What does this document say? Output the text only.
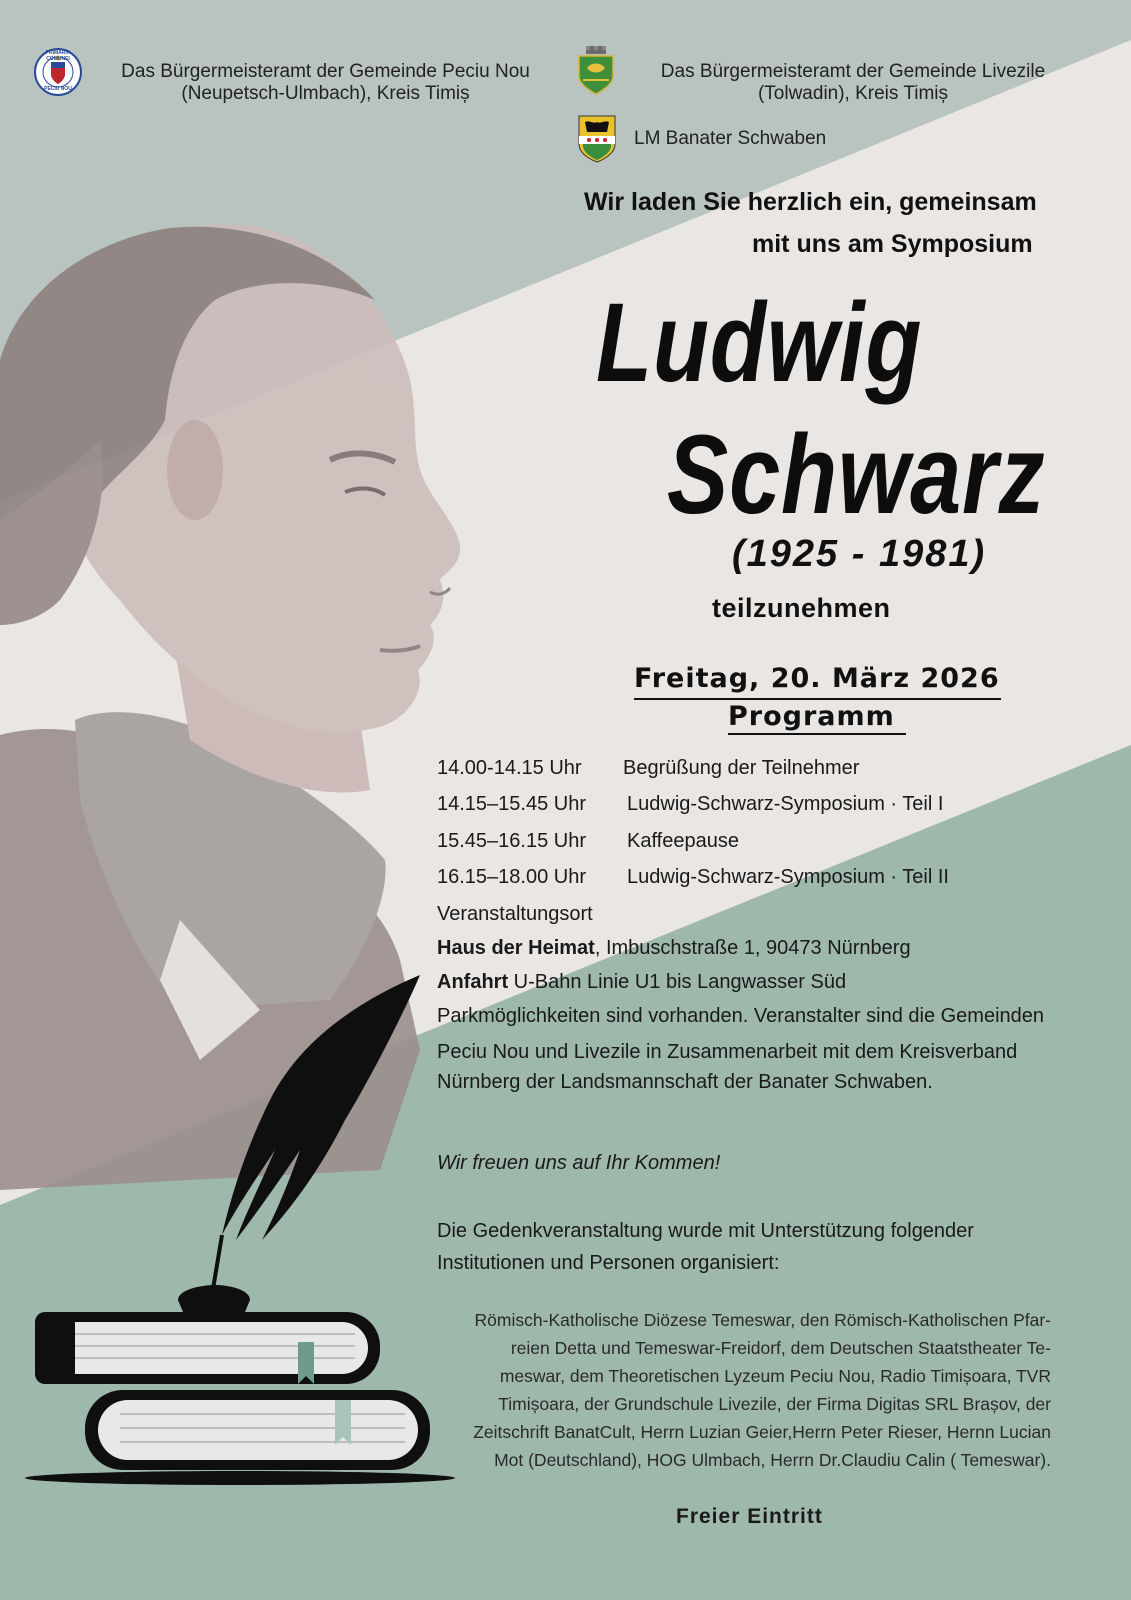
PRIMĂRIA COMUNEI
PECIU NOU
Das Bürgermeisteramt der Gemeinde Peciu Nou
(Neupetsch-Ulmbach), Kreis Timiș
Das Bürgermeisteramt der Gemeinde Livezile
(Tolwadin), Kreis Timiș
LM Banater Schwaben
Wir laden Sie herzlich ein, gemeinsam
mit uns am Symposium
Ludwig
Schwarz
(1925 - 1981)
teilzunehmen
Freitag, 20. März 2026
Programm
14.00-14.15 Uhr Begrüßung der Teilnehmer
14.15–15.45 Uhr Ludwig-Schwarz-Symposium · Teil I
15.45–16.15 Uhr Kaffeepause
16.15–18.00 Uhr Ludwig-Schwarz-Symposium · Teil II
Veranstaltungsort
Haus der Heimat, Imbuschstraße 1, 90473 Nürnberg
Anfahrt U-Bahn Linie U1 bis Langwasser Süd
Parkmöglichkeiten sind vorhanden. Veranstalter sind die Gemeinden
Peciu Nou und Livezile in Zusammenarbeit mit dem Kreisverband
Nürnberg der Landsmannschaft der Banater Schwaben.
Wir freuen uns auf Ihr Kommen!
Die Gedenkveranstaltung wurde mit Unterstützung folgender
Institutionen und Personen organisiert:
Römisch-Katholische Diözese Temeswar, den Römisch-Katholischen Pfar-
reien Detta und Temeswar-Freidorf, dem Deutschen Staatstheater Te-
meswar, dem Theoretischen Lyzeum Peciu Nou, Radio Timișoara, TVR
Timișoara, der Grundschule Livezile, der Firma Digitas SRL Brașov, der
Zeitschrift BanatCult, Herrn Luzian Geier,Herrn Peter Rieser, Hernn Lucian
Mot (Deutschland), HOG Ulmbach, Herrn Dr.Claudiu Calin ( Temeswar).
Freier Eintritt
